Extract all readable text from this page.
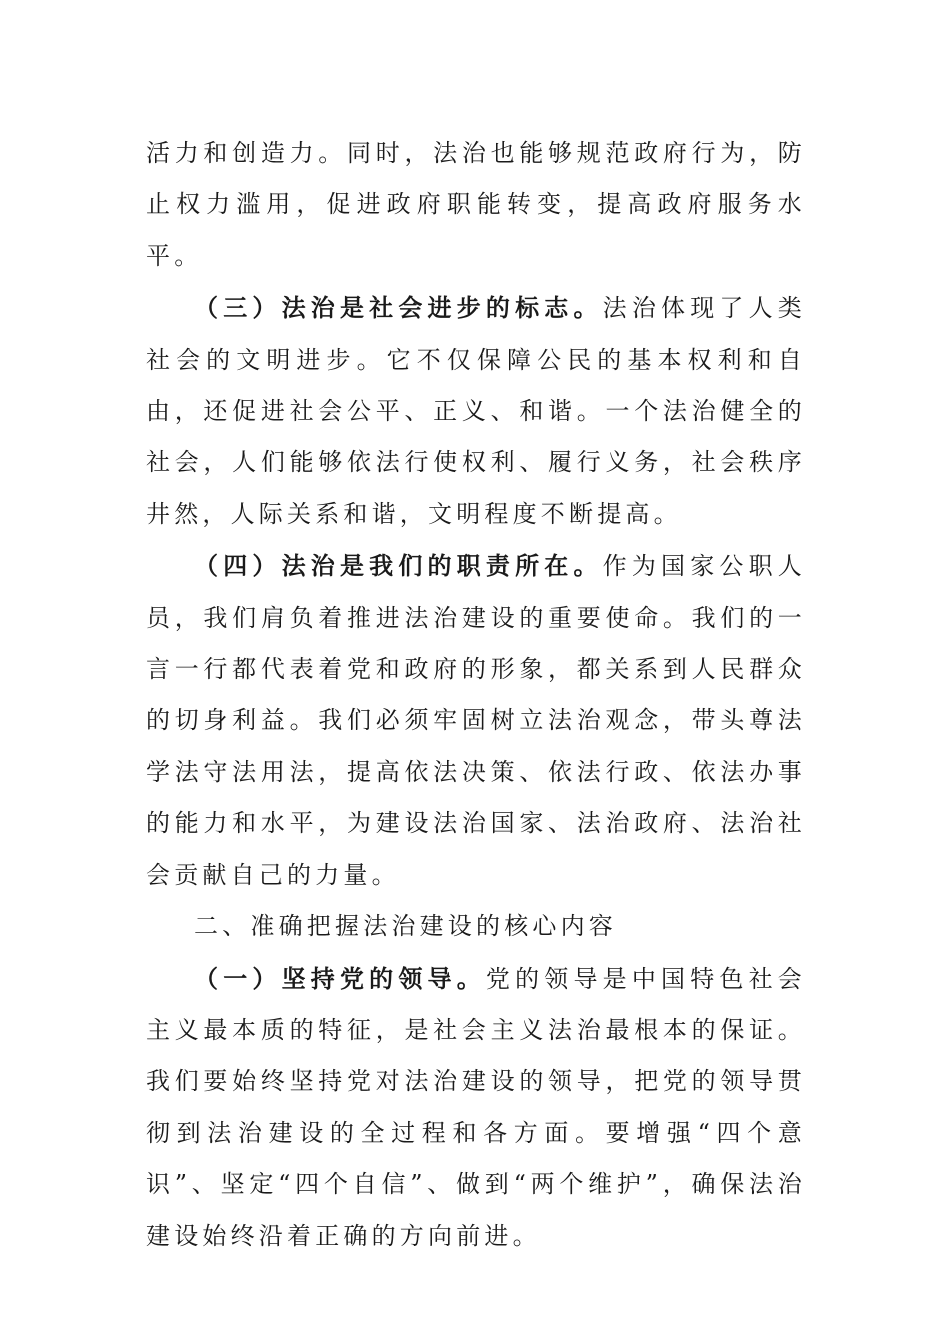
活力和创造力。同时，法治也能够规范政府行为，防止权力滥用，促进政府职能转变，提高政府服务水平。

（三）法治是社会进步的标志。法治体现了人类社会的文明进步。它不仅保障公民的基本权利和自由，还促进社会公平、正义、和谐。一个法治健全的社会，人们能够依法行使权利、履行义务，社会秩序井然，人际关系和谐，文明程度不断提高。

（四）法治是我们的职责所在。作为国家公职人员，我们肩负着推进法治建设的重要使命。我们的一言一行都代表着党和政府的形象，都关系到人民群众的切身利益。我们必须牢固树立法治观念，带头尊法学法守法用法，提高依法决策、依法行政、依法办事的能力和水平，为建设法治国家、法治政府、法治社会贡献自己的力量。

二、准确把握法治建设的核心内容

（一）坚持党的领导。党的领导是中国特色社会主义最本质的特征，是社会主义法治最根本的保证。我们要始终坚持党对法治建设的领导，把党的领导贯彻到法治建设的全过程和各方面。要增强“四个意识”、坚定“四个自信”、做到“两个维护”，确保法治建设始终沿着正确的方向前进。
